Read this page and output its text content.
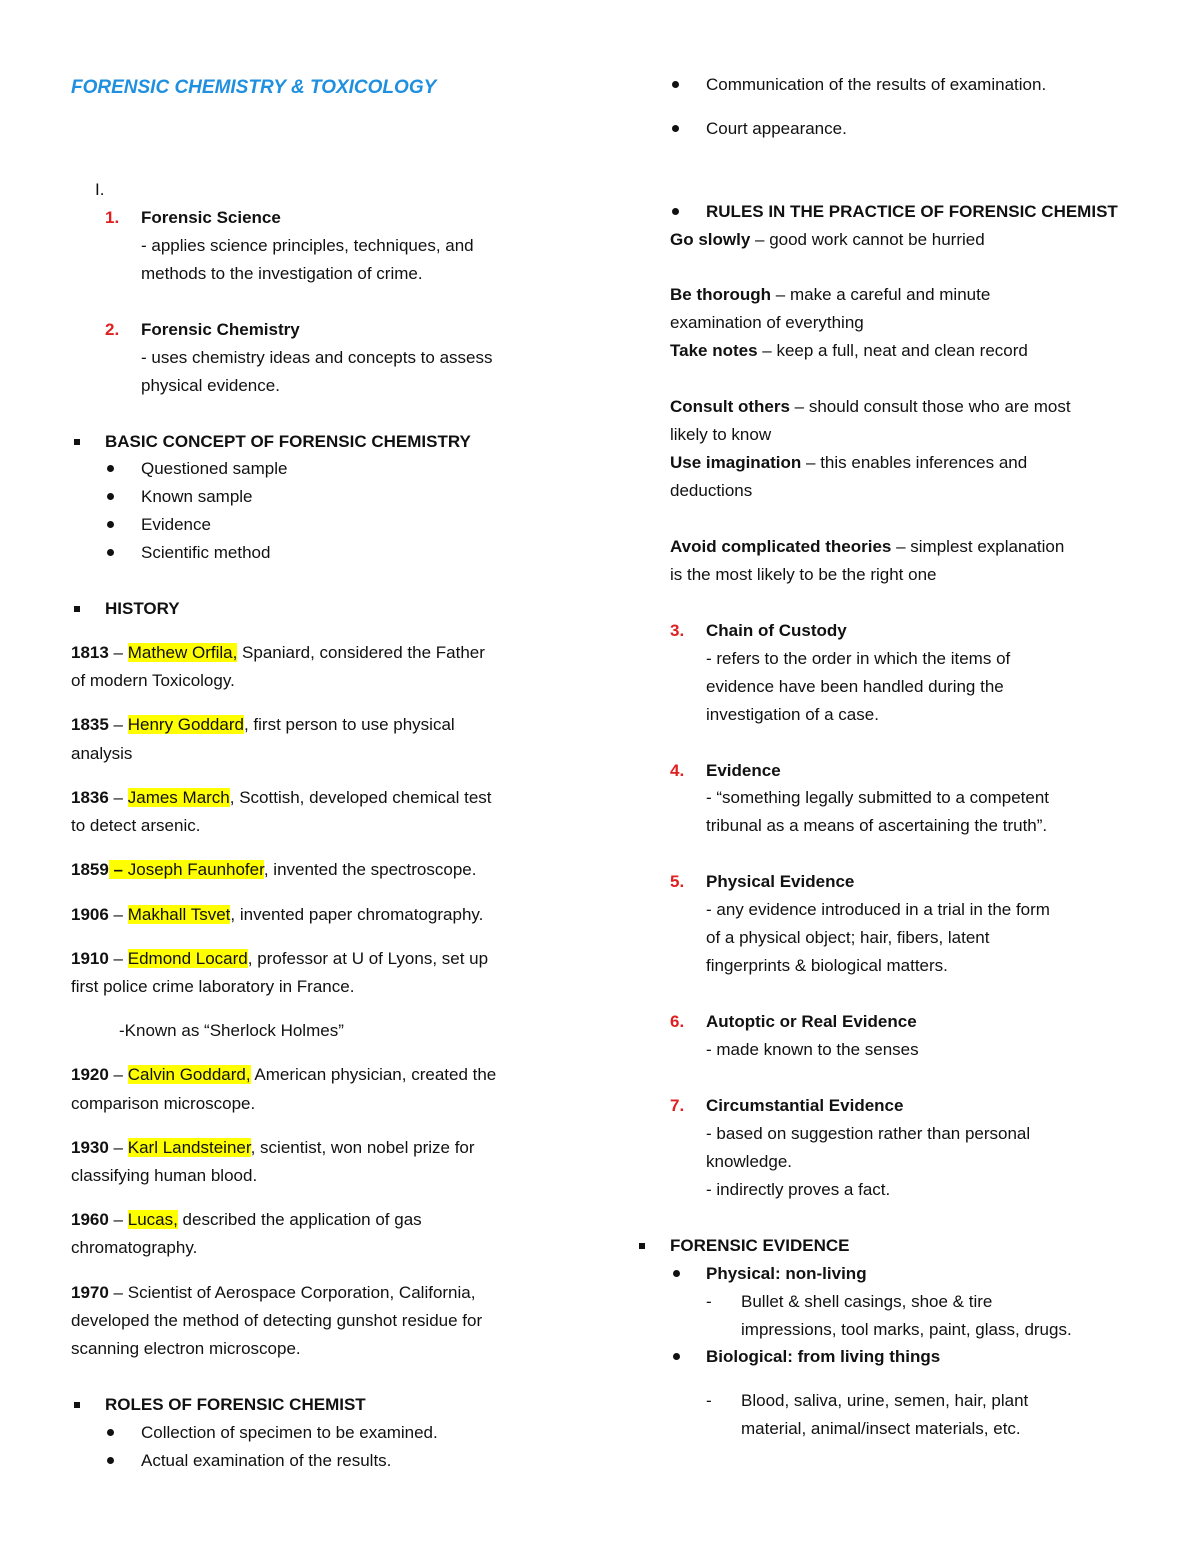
FORENSIC CHEMISTRY & TOXICOLOGY
I.
1. Forensic Science
- applies science principles, techniques, and
methods to the investigation of crime.
2. Forensic Chemistry
- uses chemistry ideas and concepts to assess
physical evidence.
BASIC CONCEPT OF FORENSIC CHEMISTRY
Questioned sample
Known sample
Evidence
Scientific method
HISTORY
1813 – Mathew Orfila, Spaniard, considered the Father
of modern Toxicology.
1835 – Henry Goddard, first person to use physical
analysis
1836 – James March, Scottish, developed chemical test
to detect arsenic.
1859 – Joseph Faunhofer, invented the spectroscope.
1906 – Makhall Tsvet, invented paper chromatography.
1910 – Edmond Locard, professor at U of Lyons, set up
first police crime laboratory in France.
-Known as “Sherlock Holmes”
1920 – Calvin Goddard, American physician, created the
comparison microscope.
1930 – Karl Landsteiner, scientist, won nobel prize for
classifying human blood.
1960 – Lucas, described the application of gas
chromatography.
1970 – Scientist of Aerospace Corporation, California,
developed the method of detecting gunshot residue for
scanning electron microscope.
ROLES OF FORENSIC CHEMIST
Collection of specimen to be examined.
Actual examination of the results.
Communication of the results of examination.
Court appearance.
RULES IN THE PRACTICE OF FORENSIC CHEMIST
Go slowly – good work cannot be hurried
Be thorough – make a careful and minute
examination of everything
Take notes – keep a full, neat and clean record
Consult others – should consult those who are most
likely to know
Use imagination – this enables inferences and
deductions
Avoid complicated theories – simplest explanation
is the most likely to be the right one
3. Chain of Custody
- refers to the order in which the items of
evidence have been handled during the
investigation of a case.
4. Evidence
- “something legally submitted to a competent
tribunal as a means of ascertaining the truth”.
5. Physical Evidence
- any evidence introduced in a trial in the form
of a physical object; hair, fibers, latent
fingerprints & biological matters.
6. Autoptic or Real Evidence
- made known to the senses
7. Circumstantial Evidence
- based on suggestion rather than personal
knowledge.
- indirectly proves a fact.
FORENSIC EVIDENCE
Physical: non-living
- Bullet & shell casings, shoe & tire
impressions, tool marks, paint, glass, drugs.
Biological: from living things
- Blood, saliva, urine, semen, hair, plant
material, animal/insect materials, etc.
